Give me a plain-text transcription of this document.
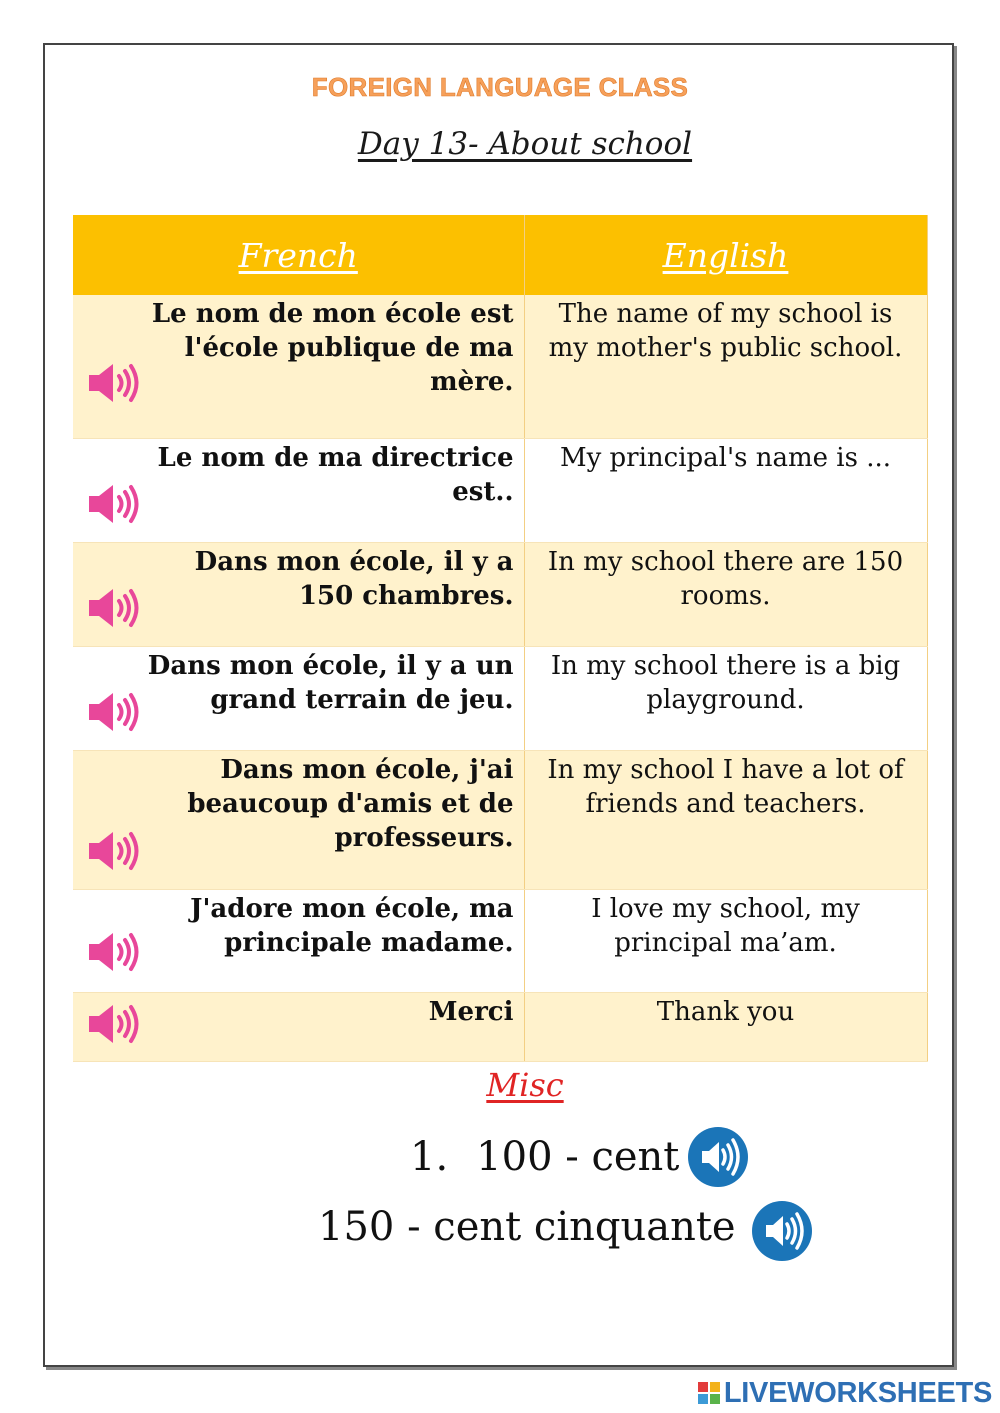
FOREIGN LANGUAGE CLASS
Day 13- About school
French	English

Le nom de mon école est l'école publique de ma mère.	The name of my school is my mother's public school.

Le nom de ma directrice est..	My principal's name is ...

Dans mon école, il y a 150 chambres.	In my school there are 150 rooms.

Dans mon école, il y a un grand terrain de jeu.	In my school there is a big playground.

Dans mon école, j'ai beaucoup d'amis et de professeurs.	In my school I have a lot of friends and teachers.

J'adore mon école, ma principale madame.	I love my school, my principal ma’am.

Merci	Thank you
Misc
1. 100 - cent
150 - cent cinquante
LIVEWORKSHEETS
